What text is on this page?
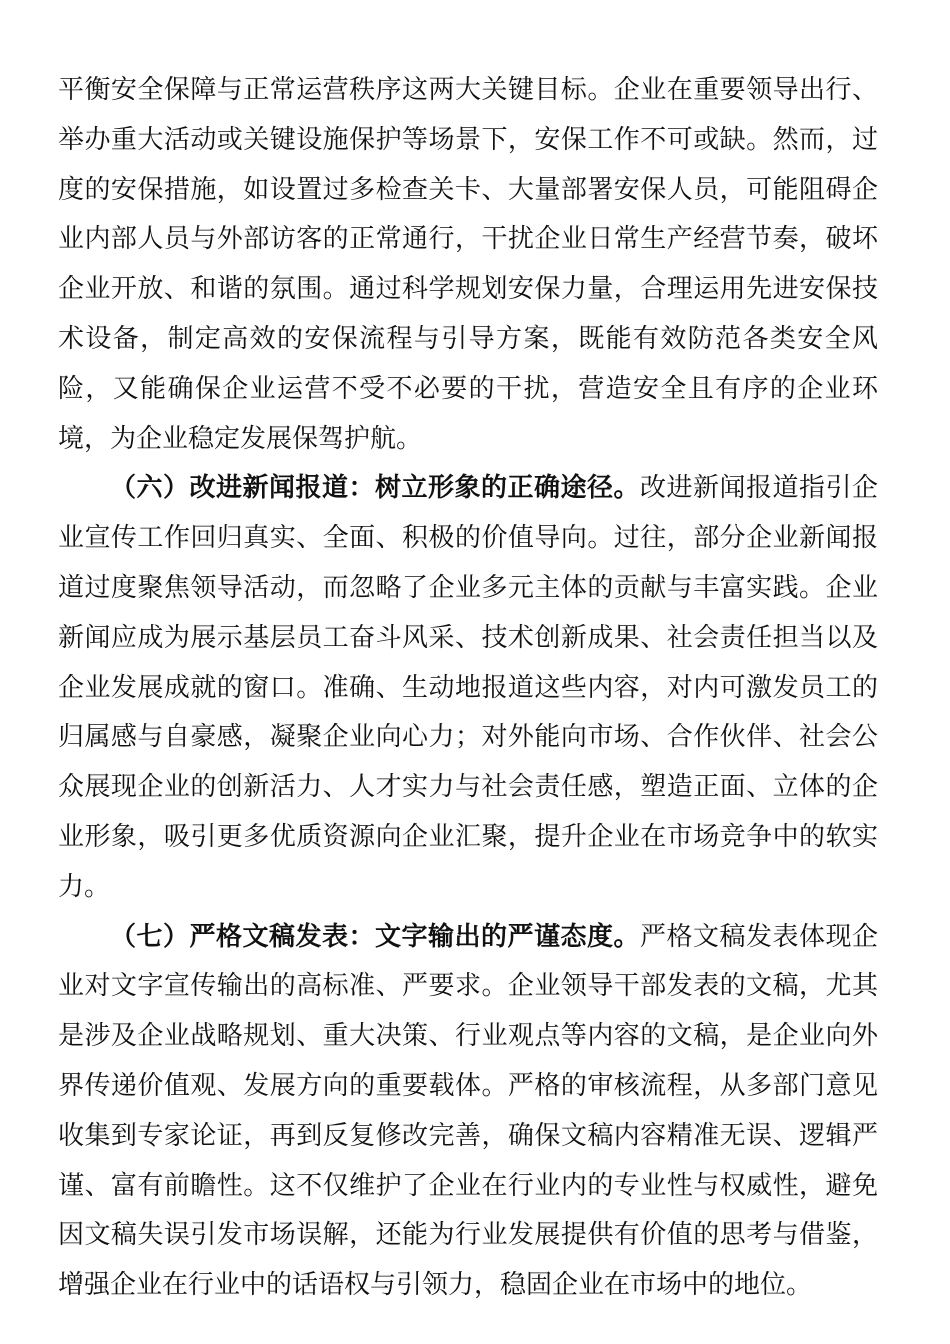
平衡安全保障与正常运营秩序这两大关键目标。企业在重要领导出行、举办重大活动或关键设施保护等场景下，安保工作不可或缺。然而，过度的安保措施，如设置过多检查关卡、大量部署安保人员，可能阻碍企业内部人员与外部访客的正常通行，干扰企业日常生产经营节奏，破坏企业开放、和谐的氛围。通过科学规划安保力量，合理运用先进安保技术设备，制定高效的安保流程与引导方案，既能有效防范各类安全风险，又能确保企业运营不受不必要的干扰，营造安全且有序的企业环境，为企业稳定发展保驾护航。

（六）改进新闻报道：树立形象的正确途径。改进新闻报道指引企业宣传工作回归真实、全面、积极的价值导向。过往，部分企业新闻报道过度聚焦领导活动，而忽略了企业多元主体的贡献与丰富实践。企业新闻应成为展示基层员工奋斗风采、技术创新成果、社会责任担当以及企业发展成就的窗口。准确、生动地报道这些内容，对内可激发员工的归属感与自豪感，凝聚企业向心力；对外能向市场、合作伙伴、社会公众展现企业的创新活力、人才实力与社会责任感，塑造正面、立体的企业形象，吸引更多优质资源向企业汇聚，提升企业在市场竞争中的软实力。

（七）严格文稿发表：文字输出的严谨态度。严格文稿发表体现企业对文字宣传输出的高标准、严要求。企业领导干部发表的文稿，尤其是涉及企业战略规划、重大决策、行业观点等内容的文稿，是企业向外界传递价值观、发展方向的重要载体。严格的审核流程，从多部门意见收集到专家论证，再到反复修改完善，确保文稿内容精准无误、逻辑严谨、富有前瞻性。这不仅维护了企业在行业内的专业性与权威性，避免因文稿失误引发市场误解，还能为行业发展提供有价值的思考与借鉴，增强企业在行业中的话语权与引领力，稳固企业在市场中的地位。
